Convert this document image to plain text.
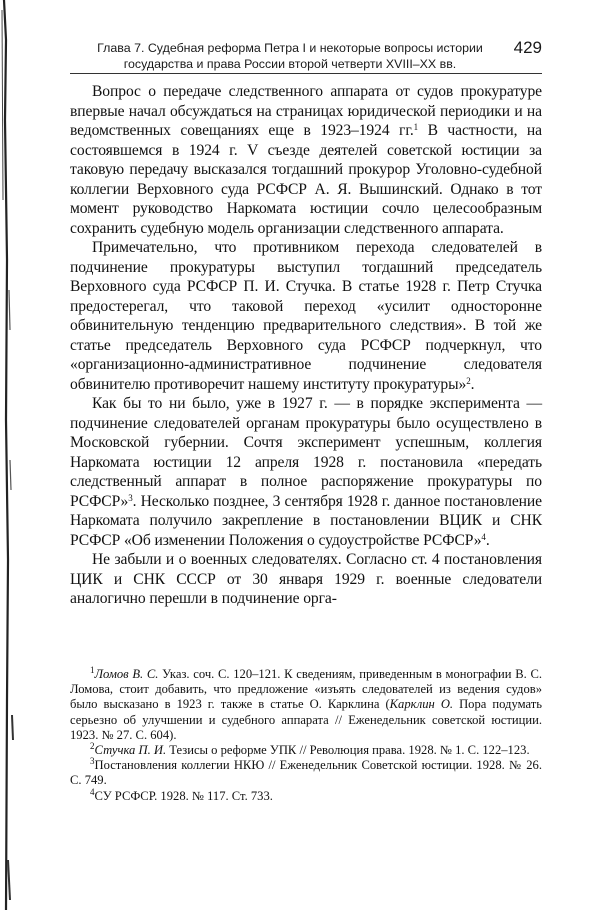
Глава 7. Судебная реформа Петра I и некоторые вопросы истории
государства и права России второй четверти XVIII–XX вв.
429

Вопрос о передаче следственного аппарата от судов прокуратуре впервые начал обсуждаться на страницах юридической периодики и на ведомственных совещаниях еще в 1923–1924 гг.$^1$ В частности, на состоявшемся в 1924 г. V съезде деятелей советской юстиции за таковую передачу высказался тогдашний прокурор Уголовно-судебной коллегии Верховного суда РСФСР А. Я. Вышинский. Однако в тот момент руководство Наркомата юстиции сочло целесообразным сохранить судебную модель организации следственного аппарата.

Примечательно, что противником перехода следователей в подчинение прокуратуры выступил тогдашний председатель Верховного суда РСФСР П. И. Стучка. В статье 1928 г. Петр Стучка предостерегал, что таковой переход «усилит односторонне обвинительную тенденцию предварительного следствия». В той же статье председатель Верховного суда РСФСР подчеркнул, что «организационно-административное подчинение следователя обвинителю противоречит нашему институту прокуратуры»$^2$.

Как бы то ни было, уже в 1927 г. — в порядке эксперимента — подчинение следователей органам прокуратуры было осуществлено в Московской губернии. Сочтя эксперимент успешным, коллегия Наркомата юстиции 12 апреля 1928 г. постановила «передать следственный аппарат в полное распоряжение прокуратуры по РСФСР»$^3$. Несколько позднее, 3 сентября 1928 г. данное постановление Наркомата получило закрепление в постановлении ВЦИК и СНК РСФСР «Об изменении Положения о судоустройстве РСФСР»$^4$.

Не забыли и о военных следователях. Согласно ст. 4 постановления ЦИК и СНК СССР от 30 января 1929 г. военные следователи аналогично перешли в подчинение орга-

$^1$Ломов В. С. Указ. соч. С. 120–121. К сведениям, приведенным в монографии В. С. Ломова, стоит добавить, что предложение «изъять следователей из ведения судов» было высказано в 1923 г. также в статье О. Карклина (Карклин О. Пора подумать серьезно об улучшении и судебного аппарата // Еженедельник советской юстиции. 1923. № 27. С. 604).

$^2$Стучка П. И. Тезисы о реформе УПК // Революция права. 1928. № 1. С. 122–123.

$^3$Постановления коллегии НКЮ // Еженедельник Советской юстиции. 1928. № 26. С. 749.

$^4$СУ РСФСР. 1928. № 117. Ст. 733.
